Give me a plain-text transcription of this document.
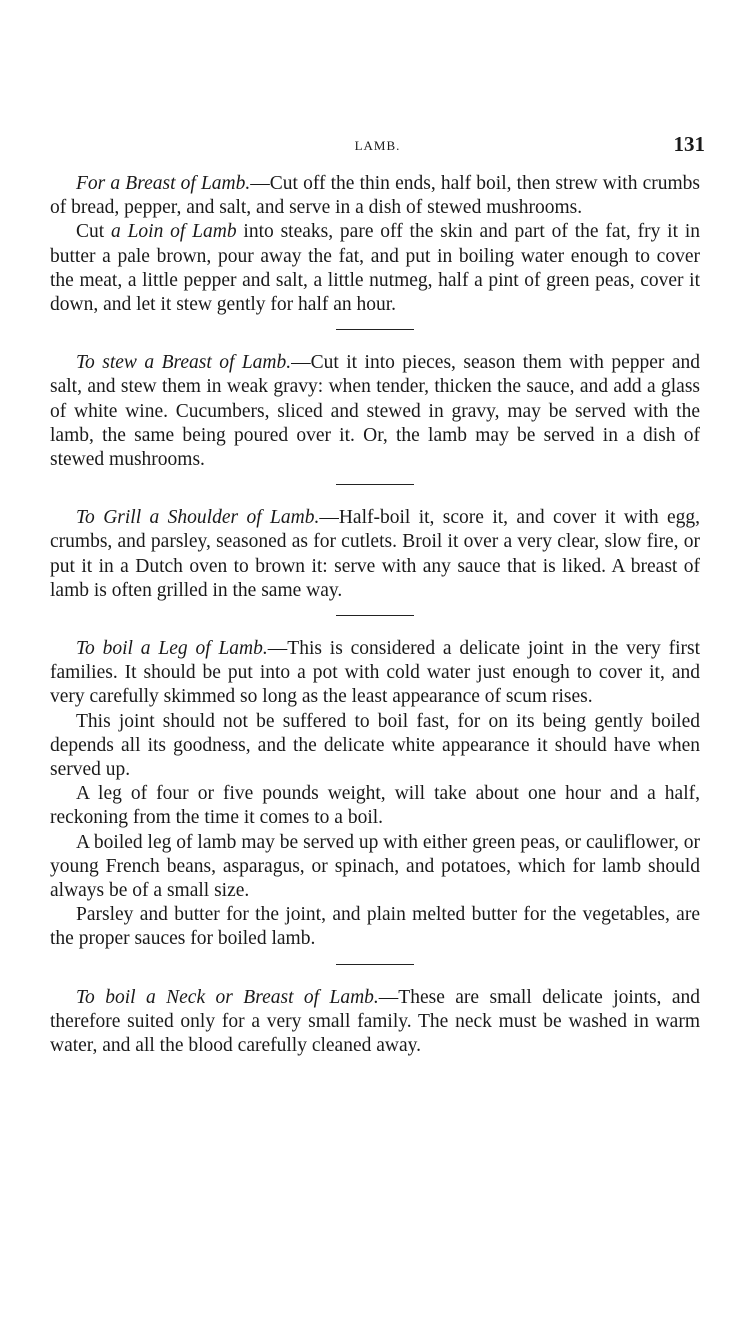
LAMB.	131

For a Breast of Lamb.—Cut off the thin ends, half boil, then strew with crumbs of bread, pepper, and salt, and serve in a dish of stewed mushrooms.

Cut a Loin of Lamb into steaks, pare off the skin and part of the fat, fry it in butter a pale brown, pour away the fat, and put in boiling water enough to cover the meat, a little pepper and salt, a little nutmeg, half a pint of green peas, cover it down, and let it stew gently for half an hour.

To stew a Breast of Lamb.—Cut it into pieces, season them with pepper and salt, and stew them in weak gravy: when tender, thicken the sauce, and add a glass of white wine. Cucumbers, sliced and stewed in gravy, may be served with the lamb, the same being poured over it. Or, the lamb may be served in a dish of stewed mushrooms.

To Grill a Shoulder of Lamb.—Half-boil it, score it, and cover it with egg, crumbs, and parsley, seasoned as for cutlets. Broil it over a very clear, slow fire, or put it in a Dutch oven to brown it: serve with any sauce that is liked. A breast of lamb is often grilled in the same way.

To boil a Leg of Lamb.—This is considered a delicate joint in the very first families. It should be put into a pot with cold water just enough to cover it, and very carefully skimmed so long as the least appearance of scum rises.

This joint should not be suffered to boil fast, for on its being gently boiled depends all its goodness, and the delicate white appearance it should have when served up.

A leg of four or five pounds weight, will take about one hour and a half, reckoning from the time it comes to a boil.

A boiled leg of lamb may be served up with either green peas, or cauliflower, or young French beans, asparagus, or spinach, and potatoes, which for lamb should always be of a small size.

Parsley and butter for the joint, and plain melted butter for the vegetables, are the proper sauces for boiled lamb.

To boil a Neck or Breast of Lamb.—These are small delicate joints, and therefore suited only for a very small family. The neck must be washed in warm water, and all the blood carefully cleaned away.
